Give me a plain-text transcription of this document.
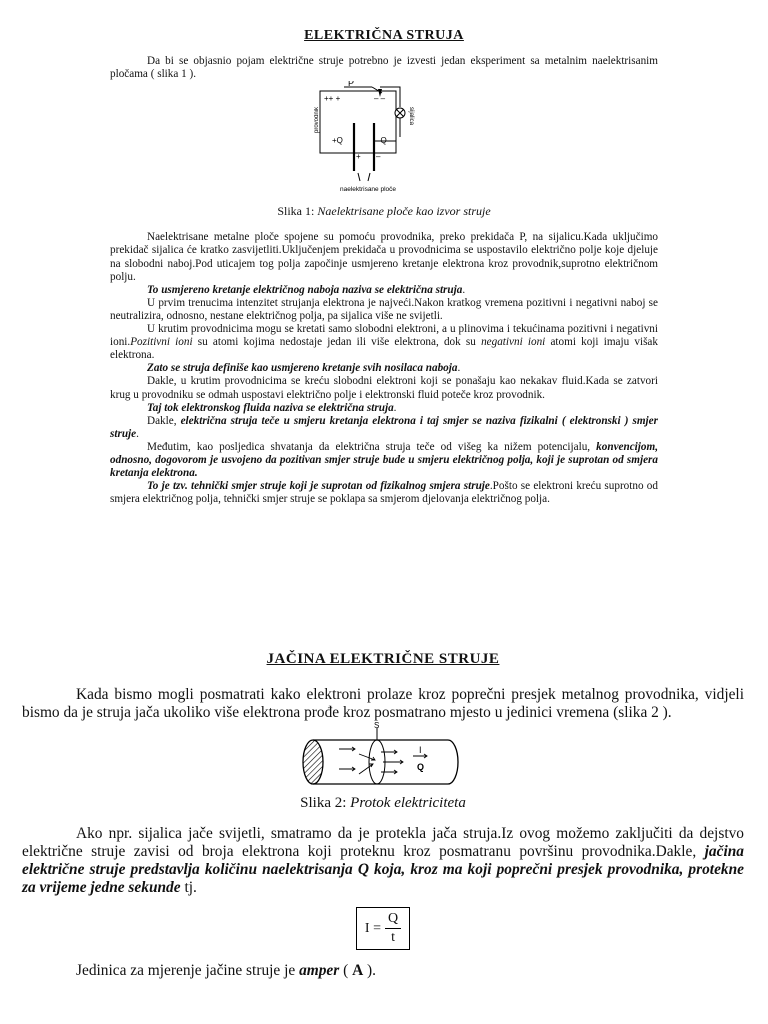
ELEKTRIČNA STRUJA

Da bi se objasnio pojam električne struje potrebno je izvesti jedan eksperiment sa metalnim naelektrisanim pločama ( slika 1 ).

P
++ +	– –
+Q	–Q
+ –
provodnik	sijalica
naelektrisane ploče

Slika 1: Naelektrisane ploče kao izvor struje

Naelektrisane metalne ploče spojene su pomoću provodnika, preko prekidača P, na sijalicu.Kada uključimo prekidač sijalica će kratko zasvijetliti.Uključenjem prekidača u provodnicima se uspostavilo električno polje koje djeluje na slobodni naboj.Pod uticajem tog polja započinje usmjereno kretanje elektrona kroz provodnik,suprotno električnom polju.

To usmjereno kretanje električnog naboja naziva se električna struja.

U prvim trenucima intenzitet strujanja elektrona je najveći.Nakon kratkog vremena pozitivni i negativni naboj se neutralizira, odnosno, nestane električnog polja, pa sijalica više ne svijetli.

U krutim provodnicima mogu se kretati samo slobodni elektroni, a u plinovima i tekućinama pozitivni i negativni ioni.Pozitivni ioni su atomi kojima nedostaje jedan ili više elektrona, dok su negativni ioni atomi koji imaju višak elektrona.

Zato se struja definiše kao usmjereno kretanje svih nosilaca naboja.

Dakle, u krutim provodnicima se kreću slobodni elektroni koji se ponašaju kao nekakav fluid.Kada se zatvori krug u provodniku se odmah uspostavi električno polje i elektronski fluid poteče kroz provodnik.

Taj tok elektronskog fluida naziva se električna struja.

Dakle, električna struja teče u smjeru kretanja elektrona i taj smjer se naziva fizikalni ( elektronski ) smjer struje.

Međutim, kao posljedica shvatanja da električna struja teče od višeg ka nižem potencijalu, konvencijom, odnosno, dogovorom je usvojeno da pozitivan smjer struje bude u smjeru električnog polja, koji je suprotan od smjera kretanja elektrona.

To je tzv. tehnički smjer struje koji je suprotan od fizikalnog smjera struje.Pošto se elektroni kreću suprotno od smjera električnog polja, tehnički smjer struje se poklapa sa smjerom djelovanja električnog polja.

JAČINA ELEKTRIČNE STRUJE

Kada bismo mogli posmatrati kako elektroni prolaze kroz poprečni presjek metalnog provodnika, vidjeli bismo da je struja jača ukoliko više elektrona prođe kroz posmatrano mjesto u jedinici vremena (slika 2 ).

S
I
Q

Slika 2: Protok elektriciteta

Ako npr. sijalica jače svijetli, smatramo da je protekla jača struja.Iz ovog možemo zaključiti da dejstvo električne struje zavisi od broja elektrona koji proteknu kroz posmatranu površinu provodnika.Dakle, jačina električne struje predstavlja količinu naelektrisanja Q koja, kroz ma koji poprečni presjek provodnika, protekne za vrijeme jedne sekunde tj.

$I = \frac{Q}{t}$

Jedinica za mjerenje jačine struje je amper ( A ).
